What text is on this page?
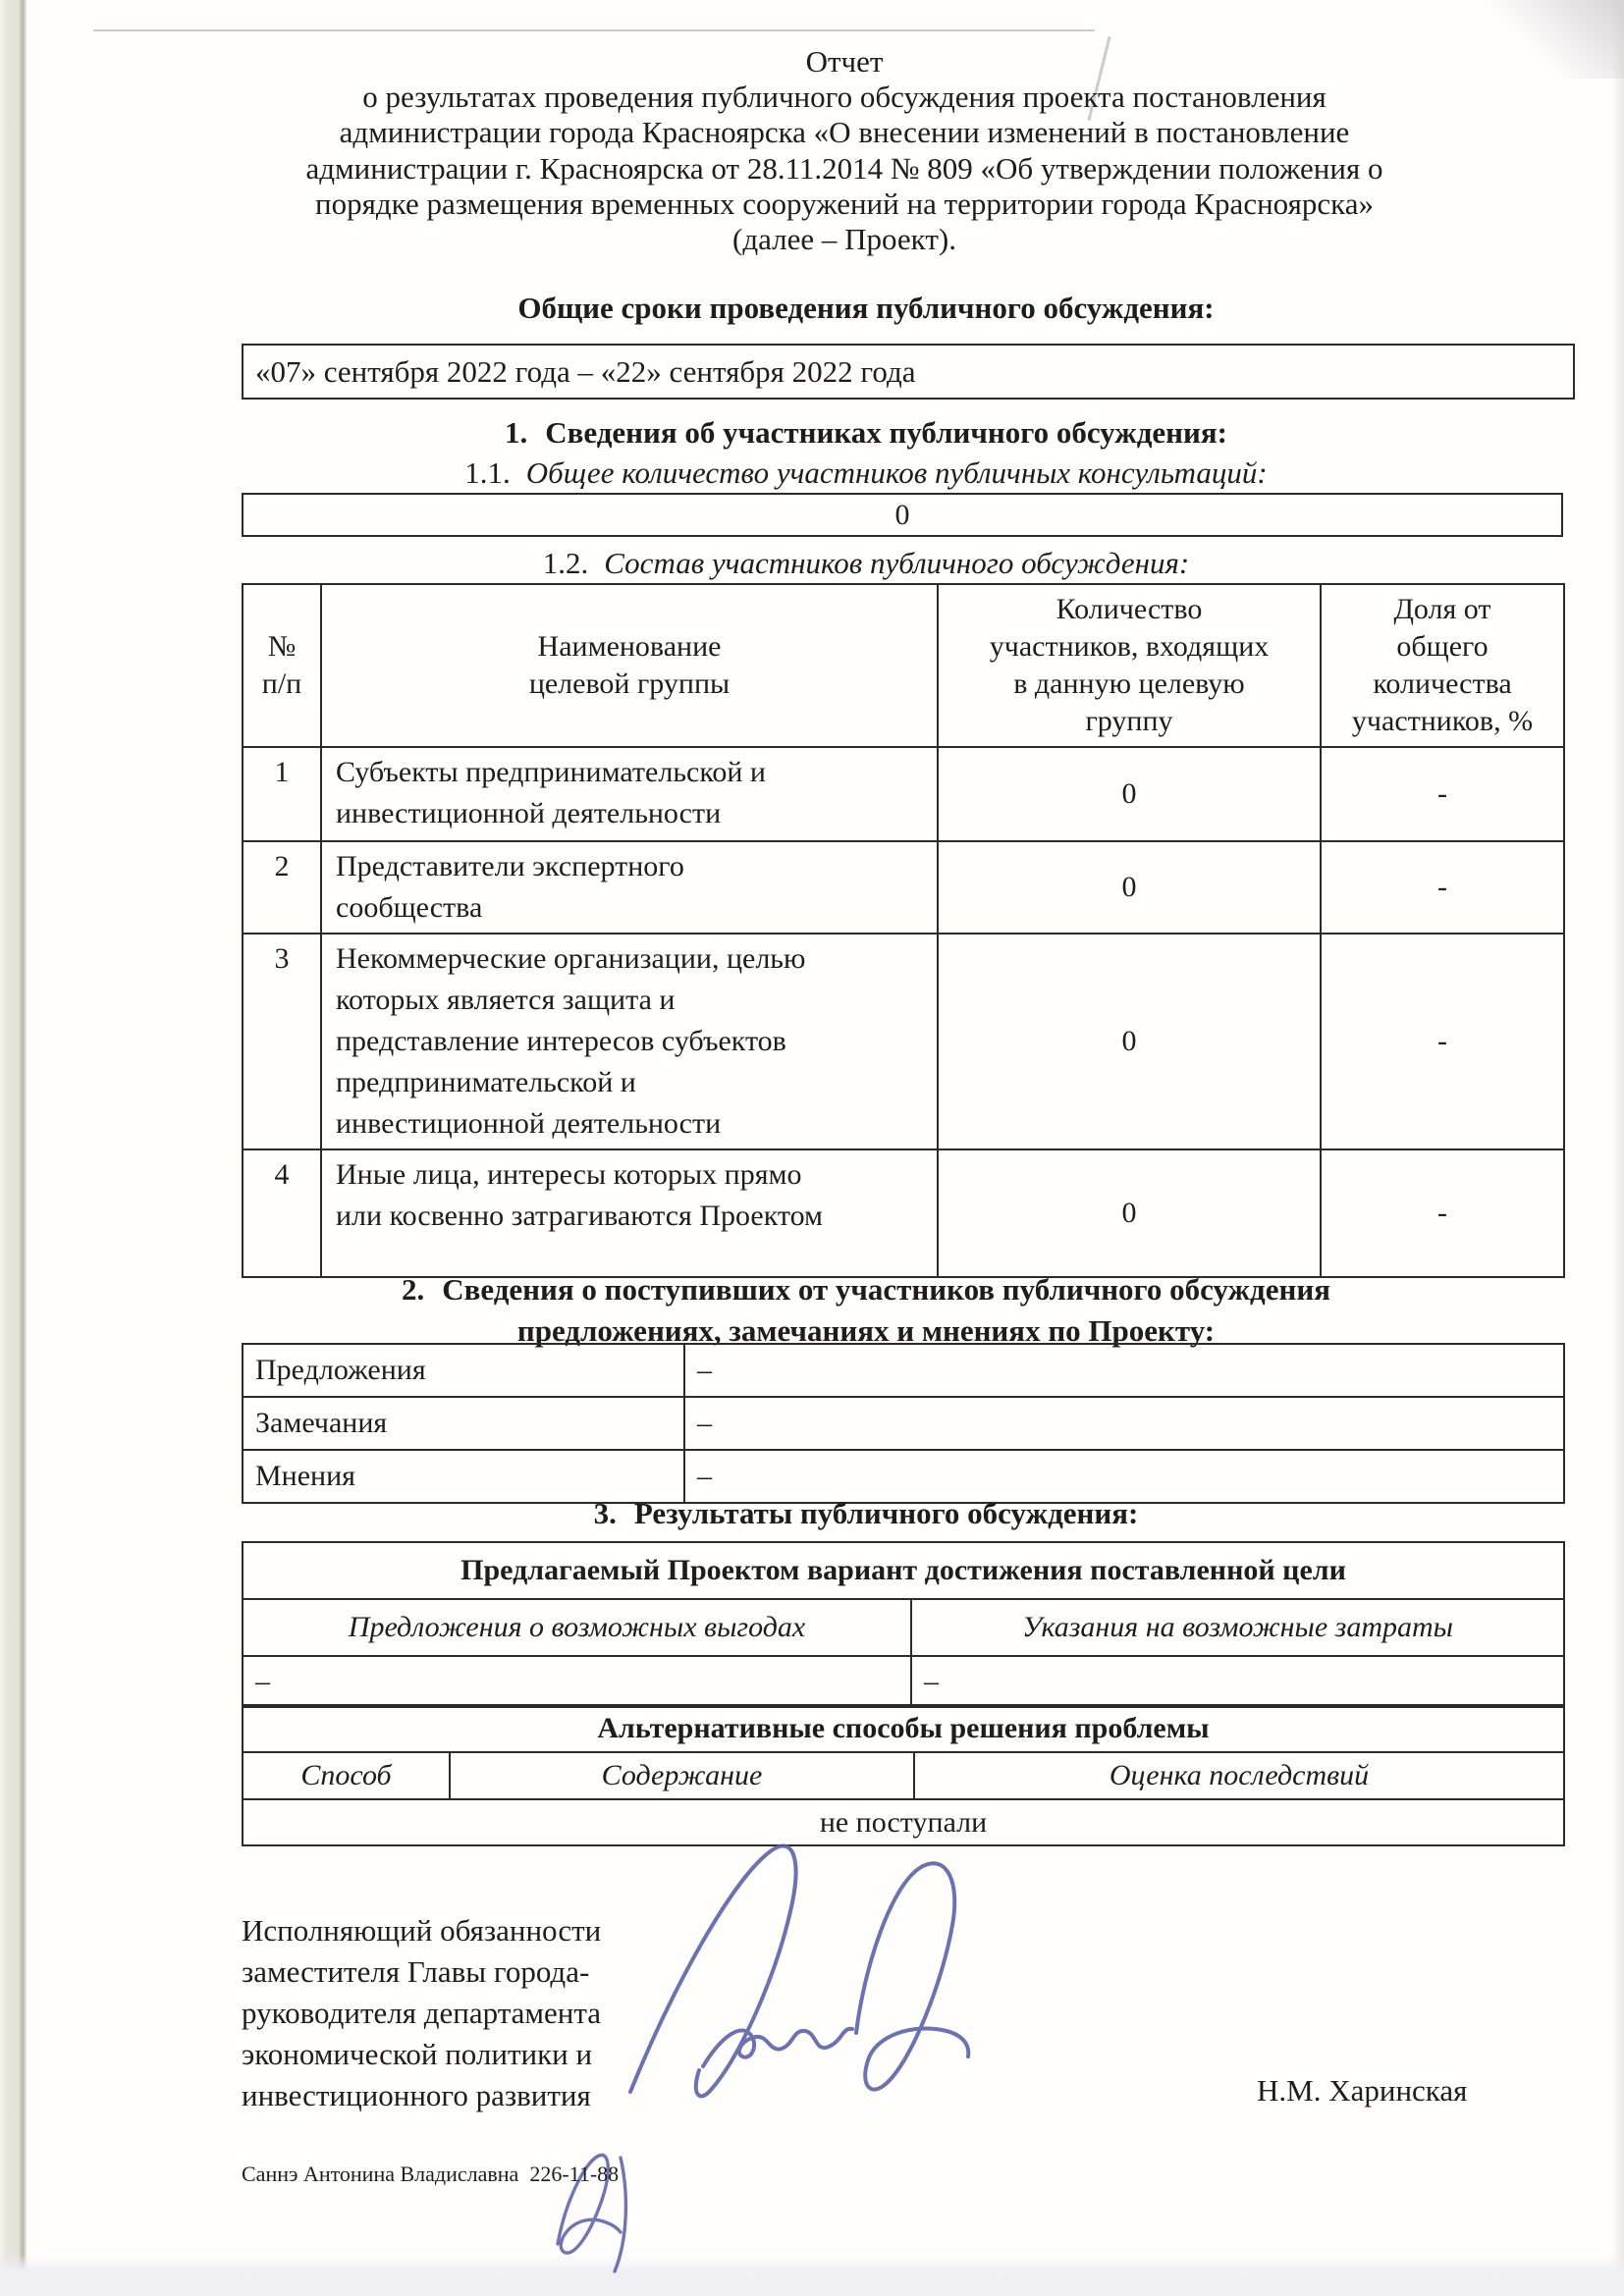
Отчет
о результатах проведения публичного обсуждения проекта постановления
администрации города Красноярска «О внесении изменений в постановление
администрации г. Красноярска от 28.11.2014 № 809 «Об утверждении положения о
порядке размещения временных сооружений на территории города Красноярска»
(далее – Проект).
Общие сроки проведения публичного обсуждения:
«07» сентября 2022 года – «22» сентября 2022 года
1. Сведения об участниках публичного обсуждения:
1.1. Общее количество участников публичных консультаций:
0
1.2. Состав участников публичного обсуждения:
№
п/п

Наименование
целевой группы

Количество
участников, входящих
в данную целевую
группу

Доля от
общего
количества
участников, %

1	Субъекты предпринимательской и инвестиционной деятельности	0	-
2	Представители экспертного сообщества	0	-
3	Некоммерческие организации, целью которых является защита и представление интересов субъектов предпринимательской и инвестиционной деятельности	0	-
4	Иные лица, интересы которых прямо или косвенно затрагиваются Проектом	0	-
2. Сведения о поступивших от участников публичного обсуждения
предложениях, замечаниях и мнениях по Проекту:
Предложения	–
Замечания	–
Мнения	–
3. Результаты публичного обсуждения:
Предлагаемый Проектом вариант достижения поставленной цели	
Предложения о возможных выгодах	Указания на возможные затраты
–	–
Альтернативные способы решения проблемы
Способ	Содержание	Оценка последствий
не поступали
Исполняющий обязанности
заместителя Главы города-
руководителя департамента
экономической политики и
инвестиционного развития	Н.М. Харинская
Саннэ Антонина Владиславна  226-11-88
